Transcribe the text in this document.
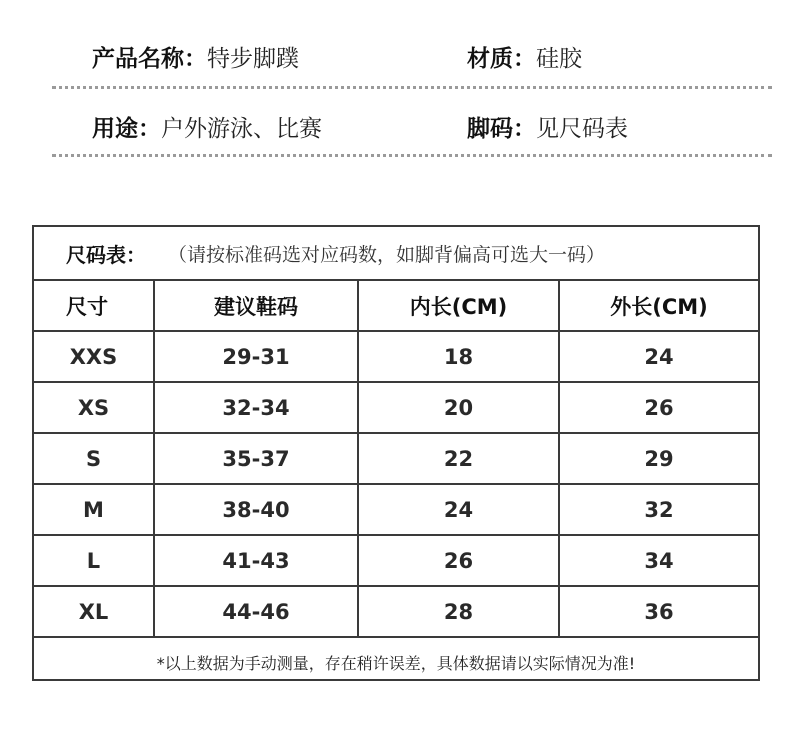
产品名称： 特步脚蹼	材质： 硅胶
用途： 户外游泳、比赛	脚码： 见尺码表
尺码表： （请按标准码选对应码数，如脚背偏高可选大一码）
尺寸	建议鞋码	内长(CM)	外长(CM)
XXS	29-31	18	24
XS	32-34	20	26
S	35-37	22	29
M	38-40	24	32
L	41-43	26	34
XL	44-46	28	36
*以上数据为手动测量，存在稍许误差，具体数据请以实际情况为准!
